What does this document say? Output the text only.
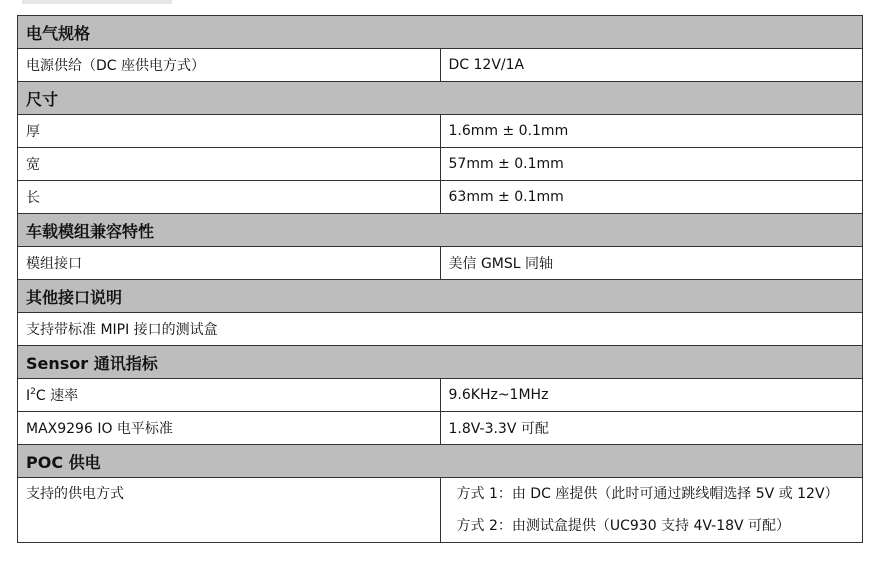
电气规格	
电源供给（DC 座供电方式）	DC 12V/1A
尺寸	
厚	1.6mm ± 0.1mm
宽	57mm ± 0.1mm
长	63mm ± 0.1mm
车载模组兼容特性	
模组接口	美信 GMSL 同轴
其他接口说明	
支持带标准 MIPI 接口的测试盒	
Sensor 通讯指标	
$I^2C$ 速率	9.6KHz~1MHz
MAX9296 IO 电平标准	1.8V-3.3V 可配
POC 供电	

支持的供电方式	方式 1：由 DC 座提供（此时可通过跳线帽选择 5V 或 12V）
方式 2：由测试盒提供（UC930 支持 4V-18V 可配）
